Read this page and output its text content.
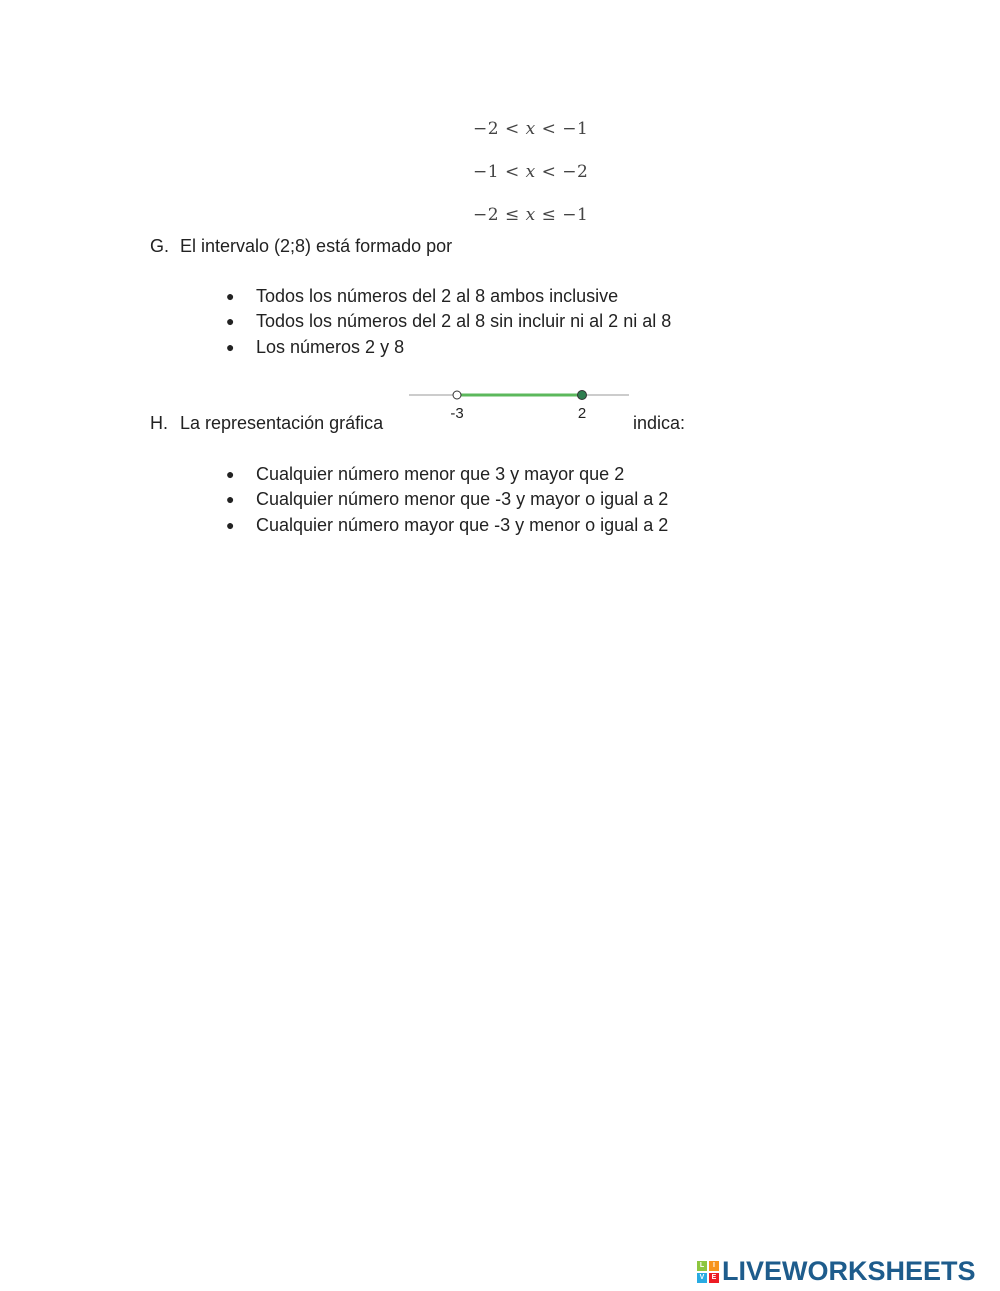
−2 < x < −1
−1 < x < −2
−2 ≤ x ≤ −1
G. El intervalo (2;8) está formado por
● Todos los números del 2 al 8 ambos inclusive
● Todos los números del 2 al 8 sin incluir ni al 2 ni al 8
● Los números 2 y 8
H. La representación gráfica	-3	2	indica:
● Cualquier número menor que 3 y mayor que 2
● Cualquier número menor que -3 y mayor o igual a 2
● Cualquier número mayor que -3 y menor o igual a 2
L	I
V	E LIVEWORKSHEETS
